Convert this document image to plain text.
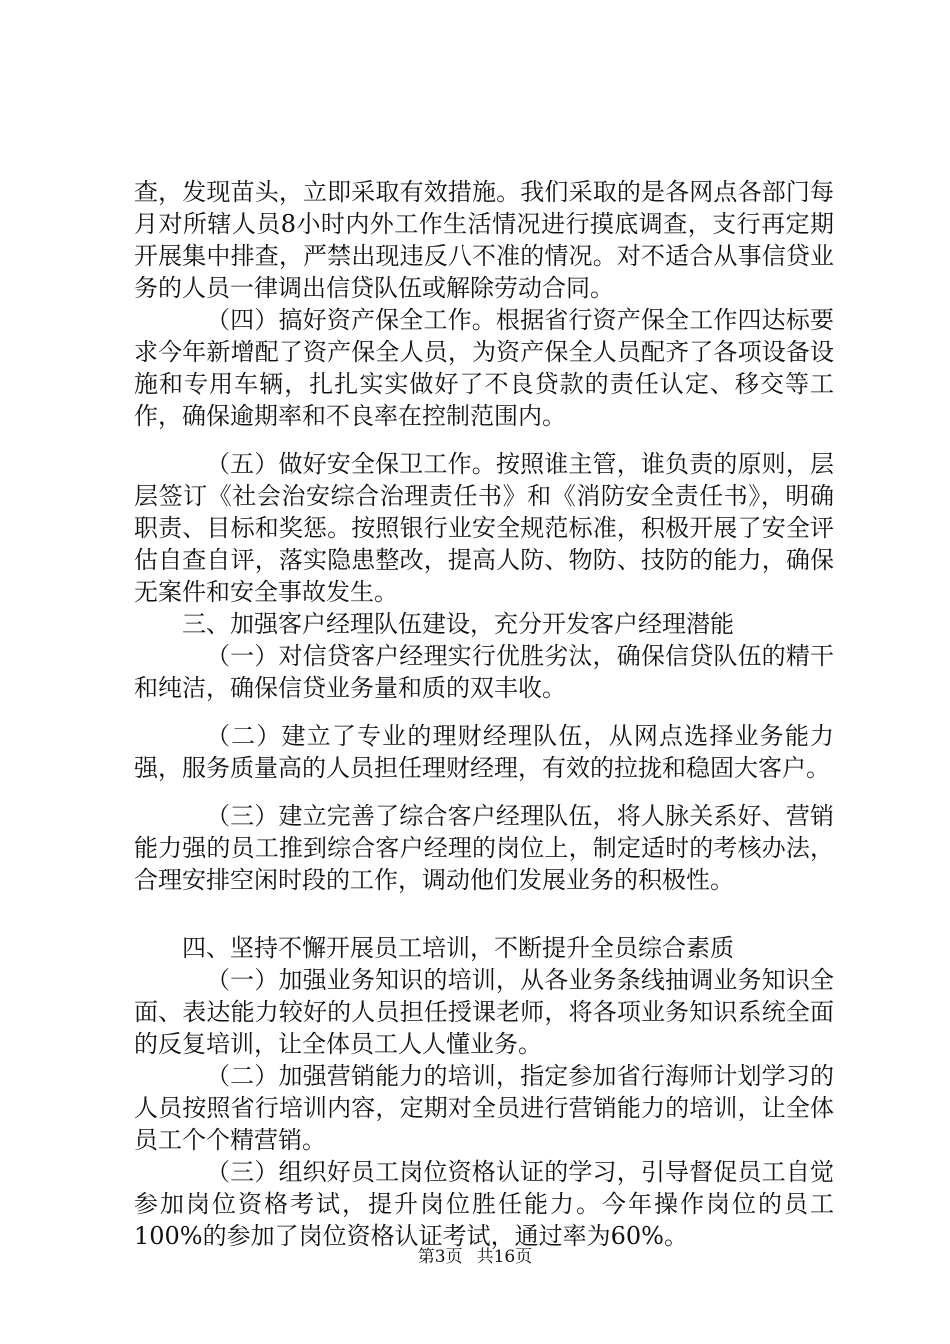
查，发现苗头，立即采取有效措施。我们采取的是各网点各部门每月对所辖人员8小时内外工作生活情况进行摸底调查，支行再定期开展集中排查，严禁出现违反八不准的情况。对不适合从事信贷业务的人员一律调出信贷队伍或解除劳动合同。

（四）搞好资产保全工作。根据省行资产保全工作四达标要求今年新增配了资产保全人员，为资产保全人员配齐了各项设备设施和专用车辆，扎扎实实做好了不良贷款的责任认定、移交等工作，确保逾期率和不良率在控制范围内。

（五）做好安全保卫工作。按照谁主管，谁负责的原则，层层签订《社会治安综合治理责任书》和《消防安全责任书》，明确职责、目标和奖惩。按照银行业安全规范标准，积极开展了安全评估自查自评，落实隐患整改，提高人防、物防、技防的能力，确保无案件和安全事故发生。

三、加强客户经理队伍建设，充分开发客户经理潜能

（一）对信贷客户经理实行优胜劣汰，确保信贷队伍的精干和纯洁，确保信贷业务量和质的双丰收。

（二）建立了专业的理财经理队伍，从网点选择业务能力强，服务质量高的人员担任理财经理，有效的拉拢和稳固大客户。

（三）建立完善了综合客户经理队伍，将人脉关系好、营销能力强的员工推到综合客户经理的岗位上，制定适时的考核办法，合理安排空闲时段的工作，调动他们发展业务的积极性。

四、坚持不懈开展员工培训，不断提升全员综合素质

（一）加强业务知识的培训，从各业务条线抽调业务知识全面、表达能力较好的人员担任授课老师，将各项业务知识系统全面的反复培训，让全体员工人人懂业务。

（二）加强营销能力的培训，指定参加省行海师计划学习的人员按照省行培训内容，定期对全员进行营销能力的培训，让全体员工个个精营销。

（三）组织好员工岗位资格认证的学习，引导督促员工自觉参加岗位资格考试，提升岗位胜任能力。今年操作岗位的员工100%的参加了岗位资格认证考试，通过率为60%。

第3页 共16页
